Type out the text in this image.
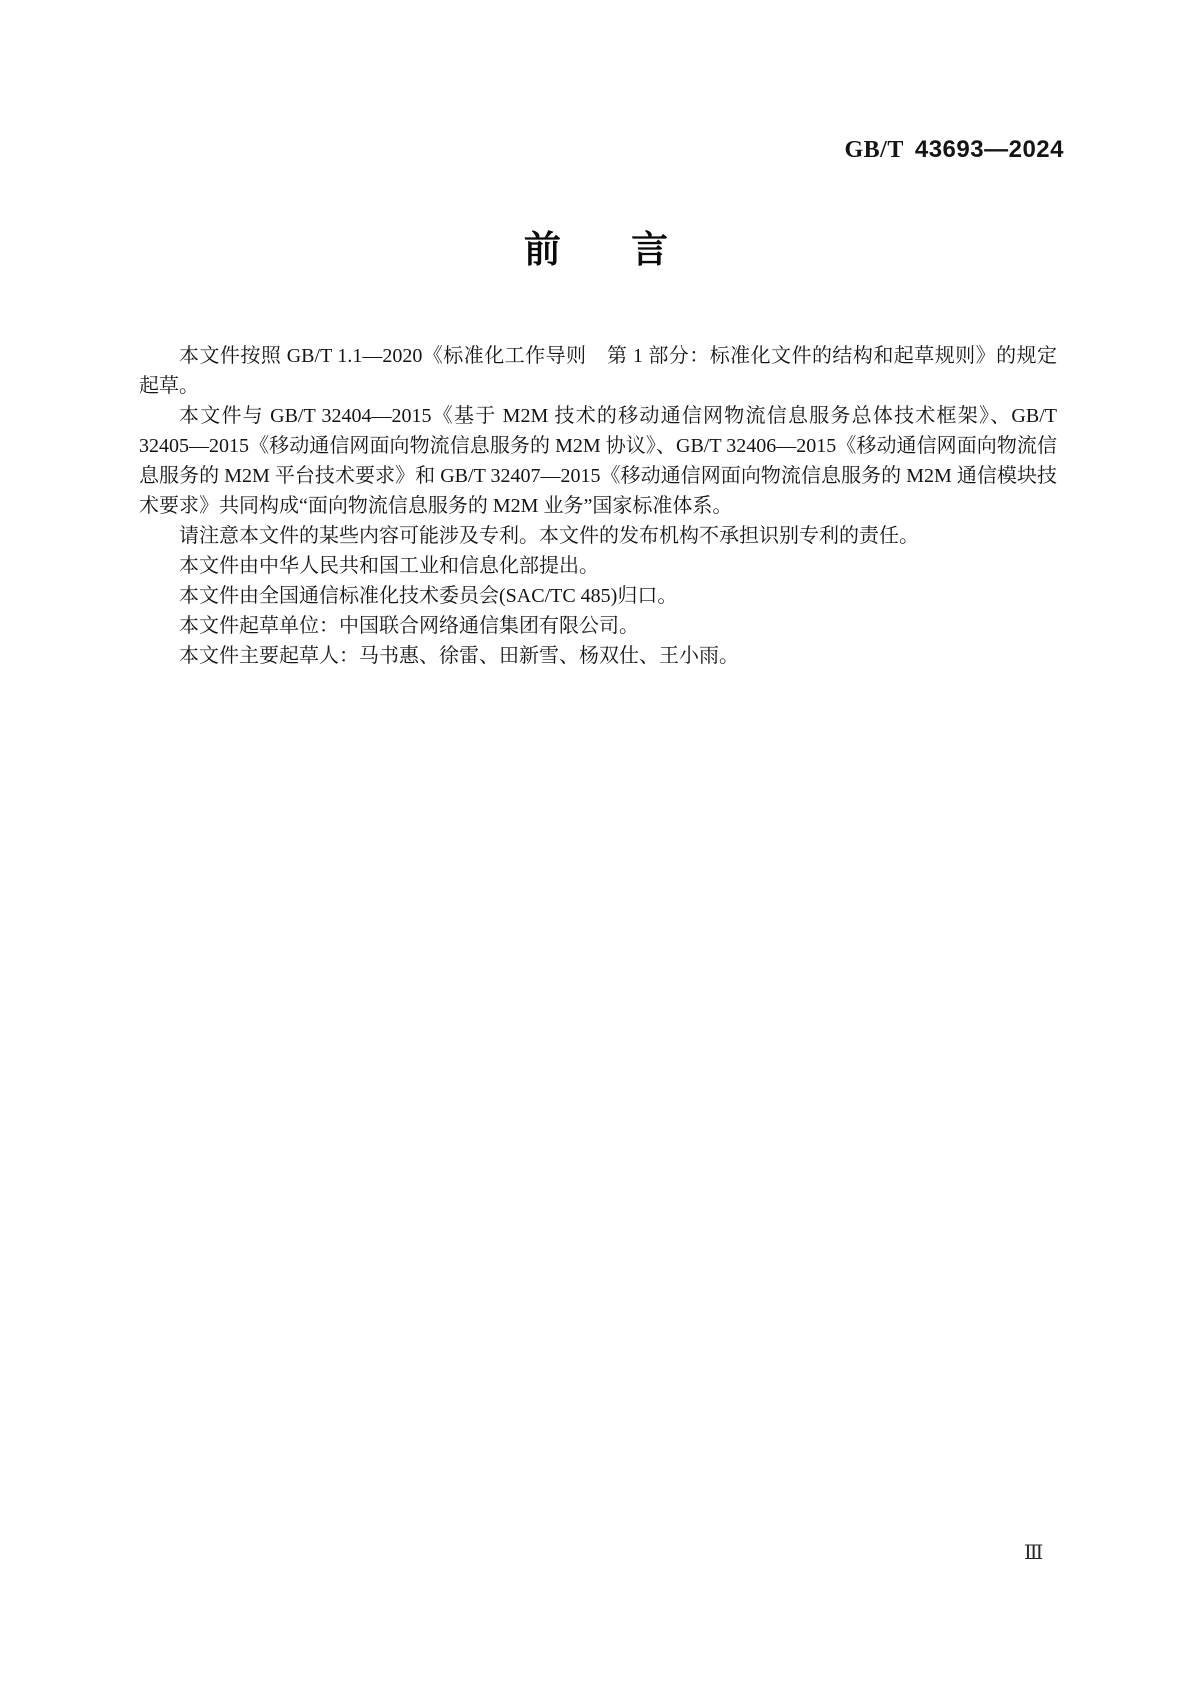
GB/T 43693—2024
前　言

本文件按照 GB/T 1.1—2020《标准化工作导则　第 1 部分：标准化文件的结构和起草规则》的规定起草。

本文件与 GB/T 32404—2015《基于 M2M 技术的移动通信网物流信息服务总体技术框架》、GB/T 32405—2015《移动通信网面向物流信息服务的 M2M 协议》、GB/T 32406—2015《移动通信网面向物流信息服务的 M2M 平台技术要求》和 GB/T 32407—2015《移动通信网面向物流信息服务的 M2M 通信模块技术要求》共同构成“面向物流信息服务的 M2M 业务”国家标准体系。

请注意本文件的某些内容可能涉及专利。本文件的发布机构不承担识别专利的责任。

本文件由中华人民共和国工业和信息化部提出。

本文件由全国通信标准化技术委员会(SAC/TC 485)归口。

本文件起草单位：中国联合网络通信集团有限公司。

本文件主要起草人：马书惠、徐雷、田新雪、杨双仕、王小雨。

Ⅲ
